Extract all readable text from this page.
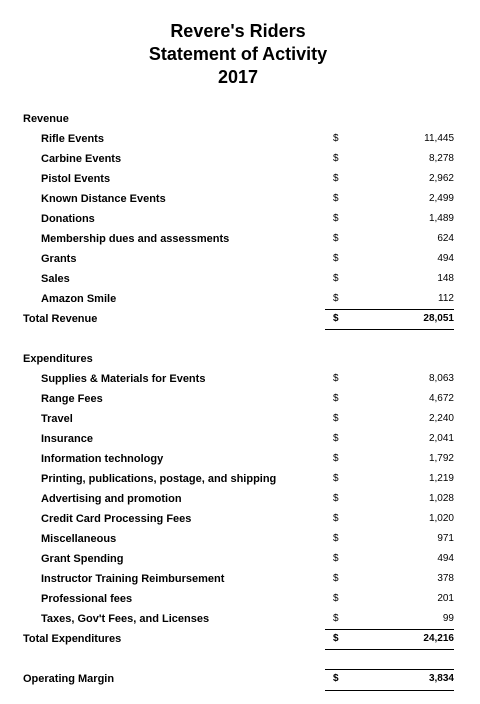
Revere's Riders
Statement of Activity
2017
Revenue
Rifle Events	$	11,445
Carbine Events	$	8,278
Pistol Events	$	2,962
Known Distance Events	$	2,499
Donations	$	1,489
Membership dues and assessments	$	624
Grants	$	494
Sales	$	148
Amazon Smile	$	112
Total Revenue	$	28,051
Expenditures
Supplies & Materials for Events	$	8,063
Range Fees	$	4,672
Travel	$	2,240
Insurance	$	2,041
Information technology	$	1,792
Printing, publications, postage, and shipping	$	1,219
Advertising and promotion	$	1,028
Credit Card Processing Fees	$	1,020
Miscellaneous	$	971
Grant Spending	$	494
Instructor Training Reimbursement	$	378
Professional fees	$	201
Taxes, Gov't Fees, and Licenses	$	99
Total Expenditures	$	24,216
Operating Margin	$	3,834
